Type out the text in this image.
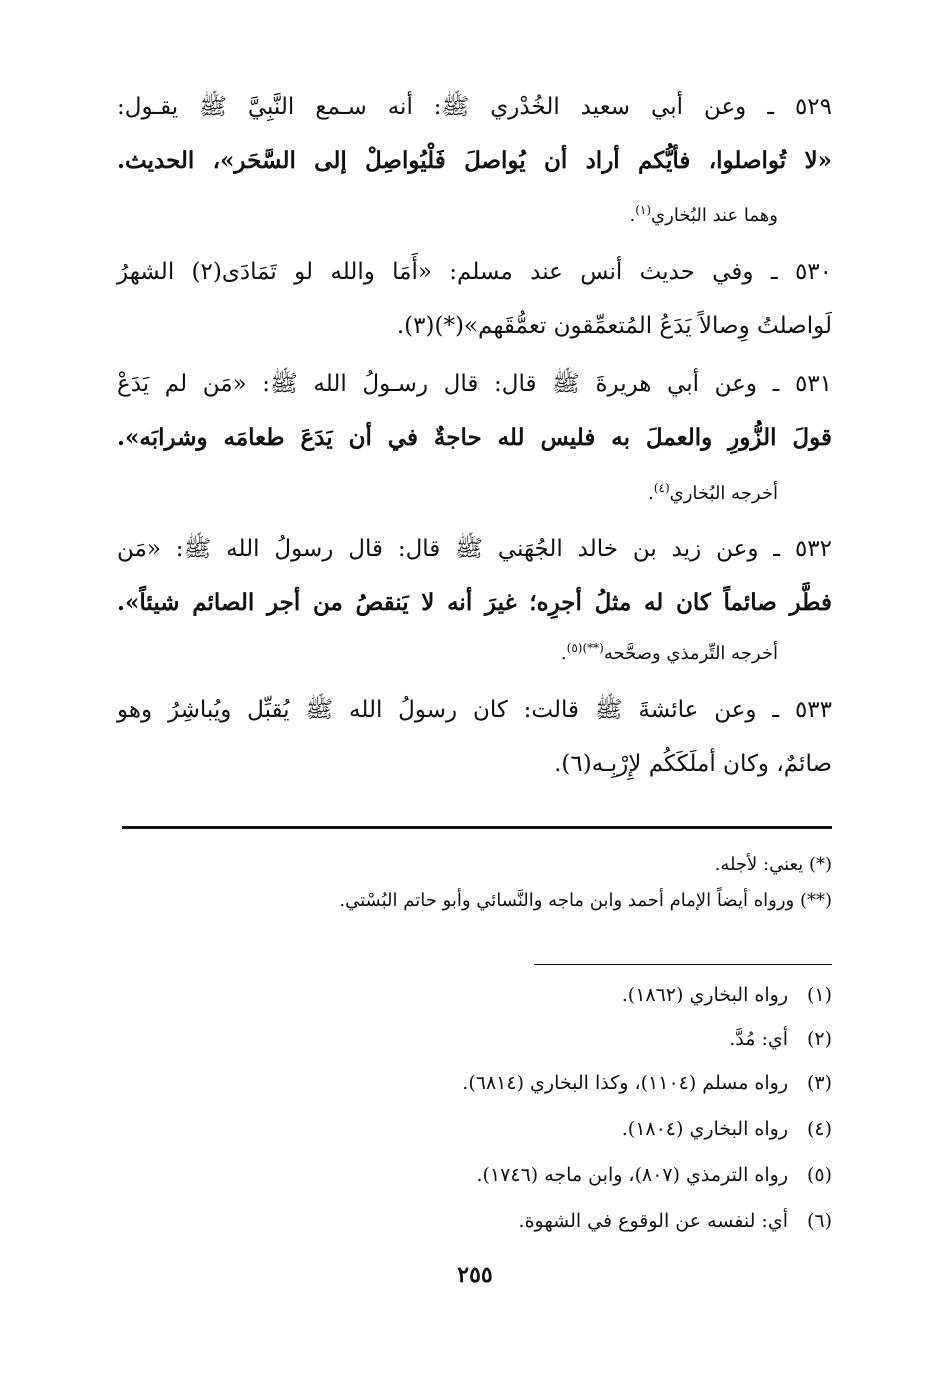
٥٢٩ ـ وعن أبي سعيد الخُدْري ﷺ: أنه سـمع النَّبِيَّ ﷺ يقـول:

«لا تُواصلوا، فأيُّكم أراد أن يُواصلَ فَلْيُواصِلْ إلى السَّحَر»، الحديث.

وهما عند البُخاري$^{(١)}$.

٥٣٠ ـ وفي حديث أنس عند مسلم: «أَمَا والله لو تَمَادَى(٢) الشهرُ

لَواصلتُ وِصالاً يَدَعُ المُتعمِّقون تعمُّقَهم»(*)(٣).

٥٣١ ـ وعن أبي هريرةَ ﷺ قال: قال رسـولُ الله ﷺ: «مَن لم يَدَعْ

قولَ الزُّورِ والعملَ به فليس لله حاجةٌ في أن يَدَعَ طعامَه وشرابَه».

أخرجه البُخاري$^{(٤)}$.

٥٣٢ ـ وعن زيد بن خالد الجُهَني ﷺ قال: قال رسولُ الله ﷺ: «مَن

فطَّر صائماً كان له مثلُ أجرِه؛ غيرَ أنه لا يَنقصُ من أجر الصائم شيئاً».

أخرجه التِّرمذي وصحَّحه$^{(**)(٥)}$.

٥٣٣ ـ وعن عائشةَ ﷺ قالت: كان رسولُ الله ﷺ يُقبِّل ويُباشِرُ وهو

صائمٌ، وكان أملَكَكُم لإِرْبِـه(٦).

(*) يعني: لأجله.

(**) ورواه أيضاً الإمام أحمد وابن ماجه والنَّسائي وأبو حاتم البُسْتي.

(١)رواه البخاري (١٨٦٢).

(٢)أي: مُدَّ.

(٣)رواه مسلم (١١٠٤)، وكذا البخاري (٦٨١٤).

(٤)رواه البخاري (١٨٠٤).

(٥)رواه الترمذي (٨٠٧)، وابن ماجه (١٧٤٦).

(٦)أي: لنفسه عن الوقوع في الشهوة.

٢٥٥
